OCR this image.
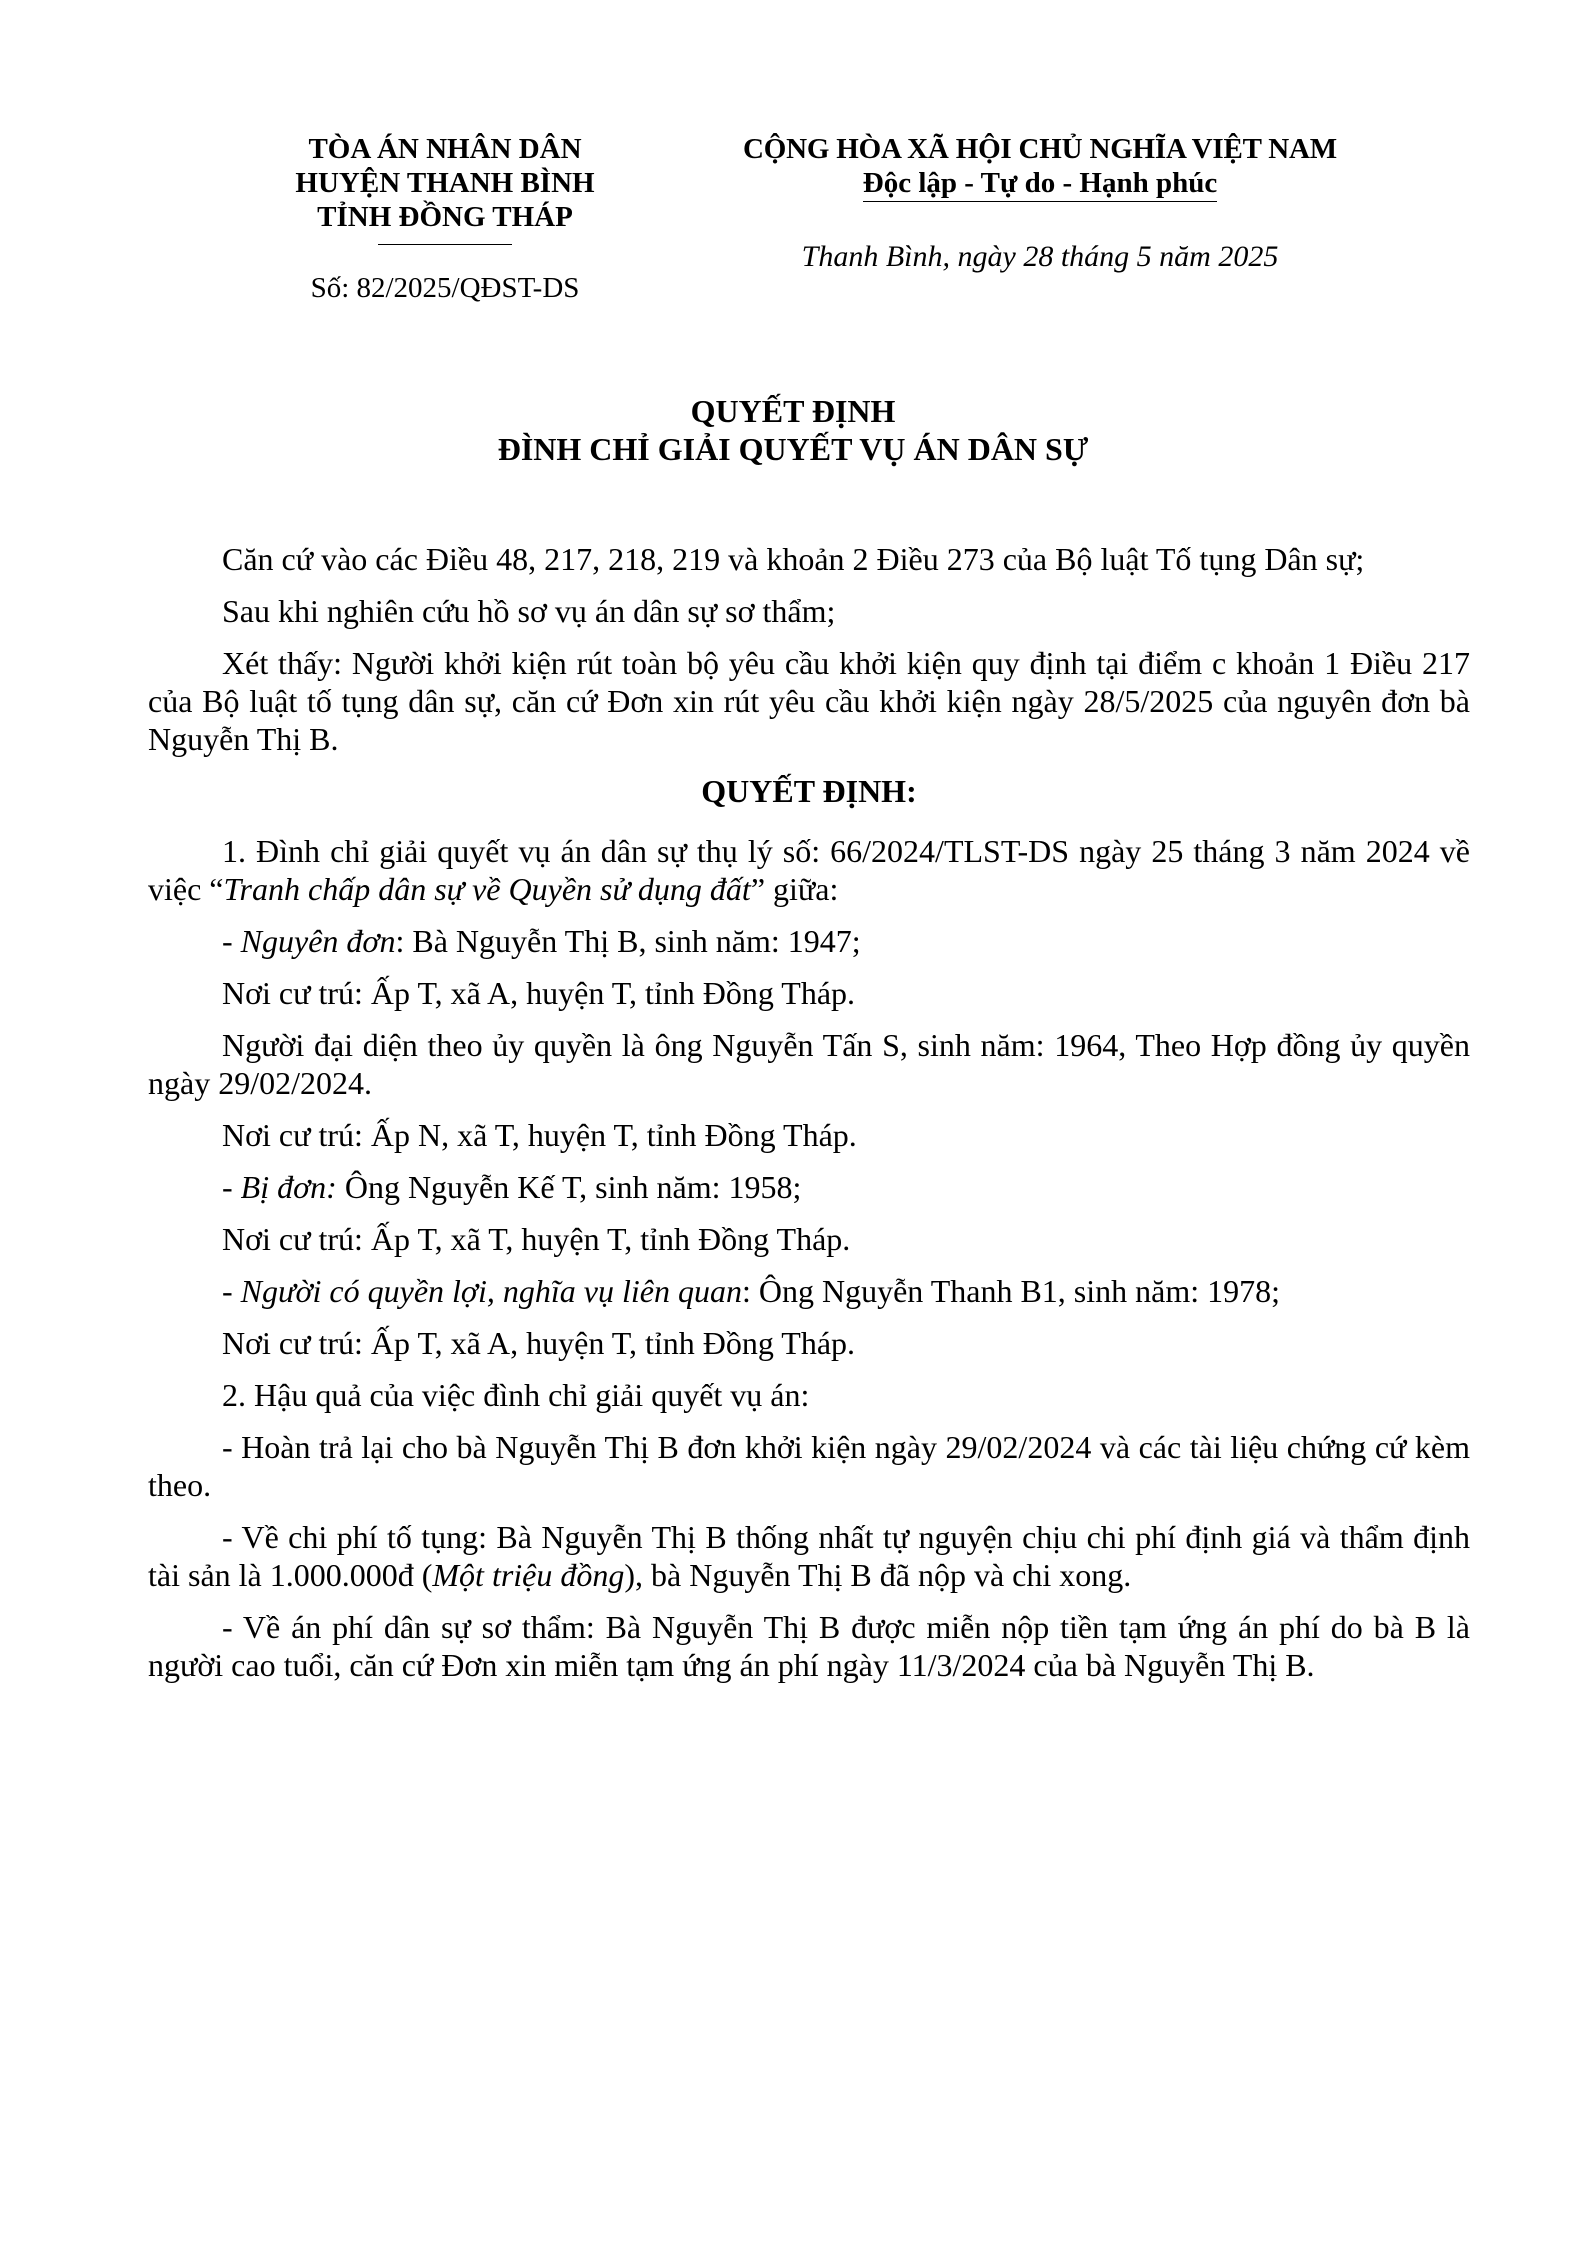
TÒA ÁN NHÂN DÂN
HUYỆN THANH BÌNH
TỈNH ĐỒNG THÁP
Số: 82/2025/QĐST-DS
CỘNG HÒA XÃ HỘI CHỦ NGHĨA VIỆT NAM
Độc lập - Tự do - Hạnh phúc
Thanh Bình, ngày 28 tháng 5 năm 2025
QUYẾT ĐỊNH
ĐÌNH CHỈ GIẢI QUYẾT VỤ ÁN DÂN SỰ

Căn cứ vào các Điều 48, 217, 218, 219 và khoản 2 Điều 273 của Bộ luật Tố tụng Dân sự;

Sau khi nghiên cứu hồ sơ vụ án dân sự sơ thẩm;

Xét thấy: Người khởi kiện rút toàn bộ yêu cầu khởi kiện quy định tại điểm c khoản 1 Điều 217 của Bộ luật tố tụng dân sự, căn cứ Đơn xin rút yêu cầu khởi kiện ngày 28/5/2025 của nguyên đơn bà Nguyễn Thị B.

QUYẾT ĐỊNH:

1. Đình chỉ giải quyết vụ án dân sự thụ lý số: 66/2024/TLST-DS ngày 25 tháng 3 năm 2024 về việc “Tranh chấp dân sự về Quyền sử dụng đất” giữa:

- Nguyên đơn: Bà Nguyễn Thị B, sinh năm: 1947;

Nơi cư trú: Ấp T, xã A, huyện T, tỉnh Đồng Tháp.

Người đại diện theo ủy quyền là ông Nguyễn Tấn S, sinh năm: 1964, Theo Hợp đồng ủy quyền ngày 29/02/2024.

Nơi cư trú: Ấp N, xã T, huyện T, tỉnh Đồng Tháp.

- Bị đơn: Ông Nguyễn Kế T, sinh năm: 1958;

Nơi cư trú: Ấp T, xã T, huyện T, tỉnh Đồng Tháp.

- Người có quyền lợi, nghĩa vụ liên quan: Ông Nguyễn Thanh B1, sinh năm: 1978;

Nơi cư trú: Ấp T, xã A, huyện T, tỉnh Đồng Tháp.

2. Hậu quả của việc đình chỉ giải quyết vụ án:

- Hoàn trả lại cho bà Nguyễn Thị B đơn khởi kiện ngày 29/02/2024 và các tài liệu chứng cứ kèm theo.

- Về chi phí tố tụng: Bà Nguyễn Thị B thống nhất tự nguyện chịu chi phí định giá và thẩm định tài sản là 1.000.000đ (Một triệu đồng), bà Nguyễn Thị B đã nộp và chi xong.

- Về án phí dân sự sơ thẩm: Bà Nguyễn Thị B được miễn nộp tiền tạm ứng án phí do bà B là người cao tuổi, căn cứ Đơn xin miễn tạm ứng án phí ngày 11/3/2024 của bà Nguyễn Thị B.
